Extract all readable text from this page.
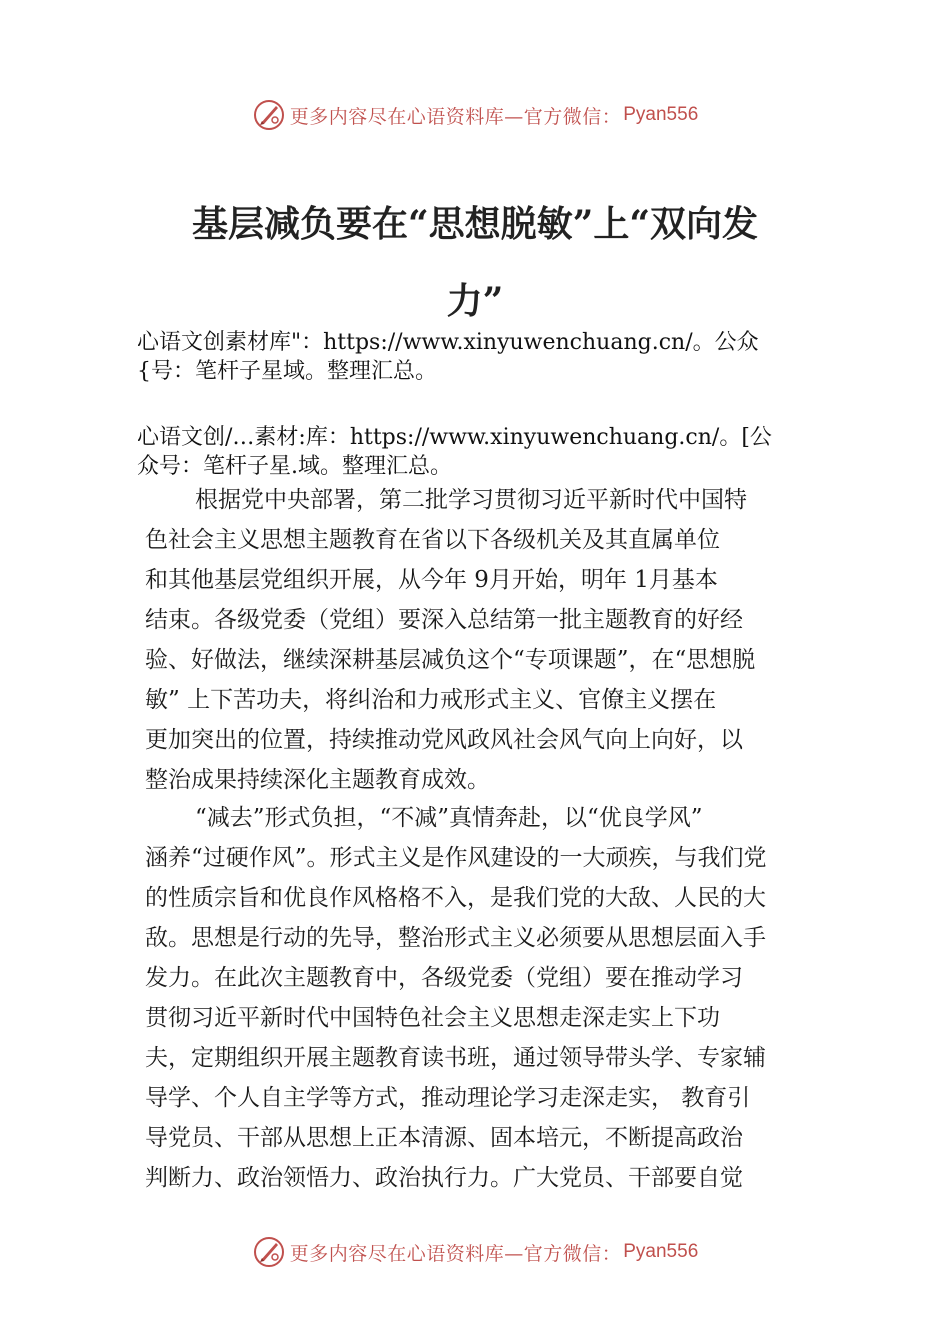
更多内容尽在心语资料库—官方微信： Pyan556
基层减负要在“思想脱敏”上“双向发
力”
心语文创素材库"：https://www.xinyuwenchuang.cn/。公众
{号：笔杆子星域。整理汇总。
心语文创/…素材:库：https://www.xinyuwenchuang.cn/。[公
众号：笔杆子星.域。整理汇总。
根据党中央部署，第二批学习贯彻习近平新时代中国特
色社会主义思想主题教育在省以下各级机关及其直属单位
和其他基层党组织开展，从今年 9月开始，明年 1月基本
结束。各级党委（党组）要深入总结第一批主题教育的好经
验、好做法，继续深耕基层减负这个“专项课题”，在“思想脱
敏” 上下苦功夫，将纠治和力戒形式主义、官僚主义摆在
更加突出的位置，持续推动党风政风社会风气向上向好，以
整治成果持续深化主题教育成效。
“减去”形式负担，“不减”真情奔赴，以“优良学风”
涵养“过硬作风”。形式主义是作风建设的一大顽疾，与我们党
的性质宗旨和优良作风格格不入，是我们党的大敌、人民的大
敌。思想是行动的先导，整治形式主义必须要从思想层面入手
发力。在此次主题教育中，各级党委（党组）要在推动学习
贯彻习近平新时代中国特色社会主义思想走深走实上下功
夫，定期组织开展主题教育读书班，通过领导带头学、专家辅
导学、个人自主学等方式，推动理论学习走深走实， 教育引
导党员、干部从思想上正本清源、固本培元，不断提高政治
判断力、政治领悟力、政治执行力。广大党员、干部要自觉
更多内容尽在心语资料库—官方微信： Pyan556
